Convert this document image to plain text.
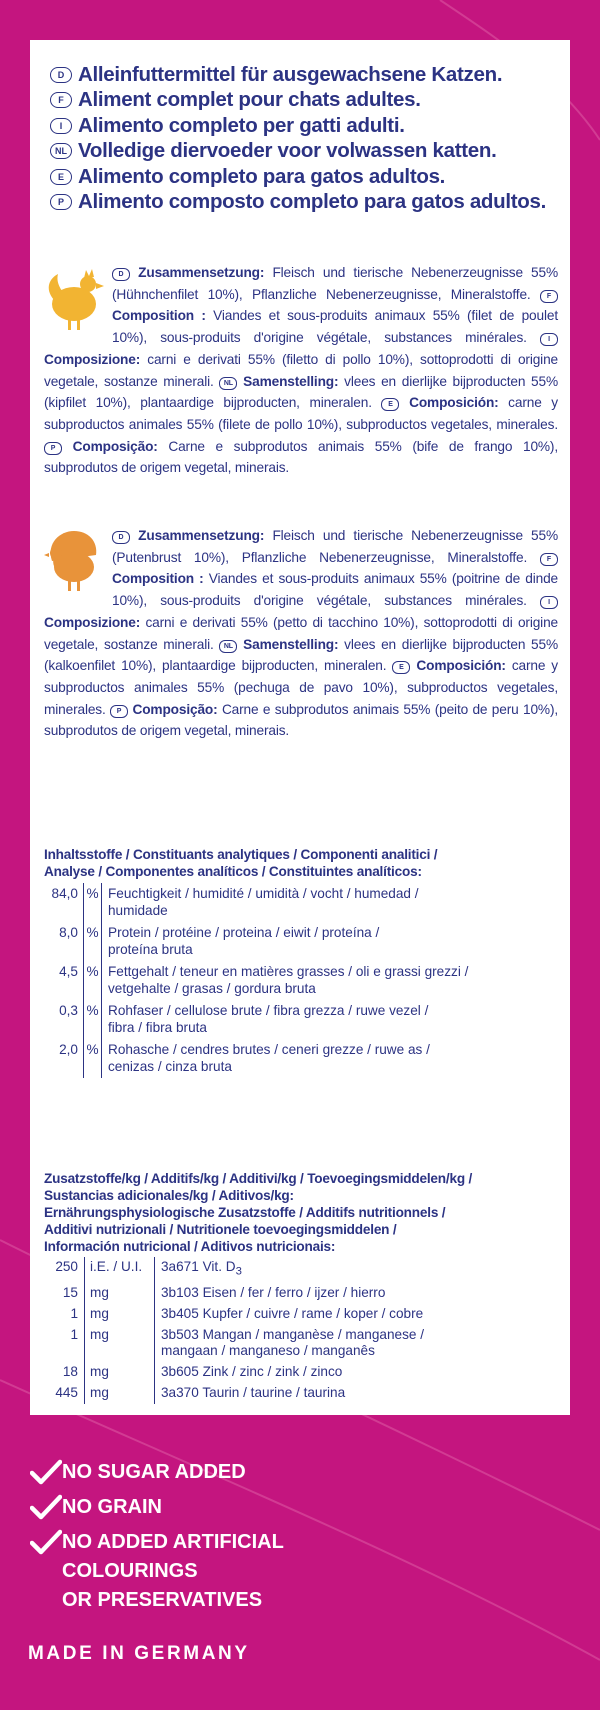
D Alleinfuttermittel für ausgewachsene Katzen.
F Aliment complet pour chats adultes.
I Alimento completo per gatti adulti.
NL Volledige diervoeder voor volwassen katten.
E Alimento completo para gatos adultos.
P Alimento composto completo para gatos adultos.
D Zusammensetzung: Fleisch und tierische Nebenerzeugnisse 55% (Hühnchenfilet 10%), Pflanzliche Nebenerzeugnisse, Mineralstoffe. F Composition : Viandes et sous-produits animaux 55% (filet de poulet 10%), sous-produits d'origine végétale, substances minérales. I Composizione: carni e derivati 55% (filetto di pollo 10%), sottoprodotti di origine vegetale, sostanze minerali. NL Samenstelling: vlees en dierlijke bijproducten 55% (kipfilet 10%), plantaardige bijproducten, mineralen. E Composición: carne y subproductos animales 55% (filete de pollo 10%), subproductos vegetales, minerales. P Composição: Carne e subprodutos animais 55% (bife de frango 10%), subprodutos de origem vegetal, minerais.
D Zusammensetzung: Fleisch und tierische Nebenerzeugnisse 55% (Putenbrust 10%), Pflanzliche Nebenerzeugnisse, Mineralstoffe. F Composition : Viandes et sous-produits animaux 55% (poitrine de dinde 10%), sous-produits d'origine végétale, substances minérales. I Composizione: carni e derivati 55% (petto di tacchino 10%), sottoprodotti di origine vegetale, sostanze minerali. NL Samenstelling: vlees en dierlijke bijproducten 55% (kalkoenfilet 10%), plantaardige bijproducten, mineralen. E Composición: carne y subproductos animales 55% (pechuga de pavo 10%), subproductos vegetales, minerales. P Composição: Carne e subprodutos animais 55% (peito de peru 10%), subprodutos de origem vegetal, minerais.
Inhaltsstoffe / Constituants analytiques / Componenti analitici /
Analyse / Componentes analíticos / Constituintes analíticos:
84,0	%	Feuchtigkeit / humidité / umidità / vocht / humedad /
humidade

8,0	%	Protein / protéine / proteina / eiwit / proteína /
proteína bruta

4,5	%	Fettgehalt / teneur en matières grasses / oli e grassi grezzi /
vetgehalte / grasas / gordura bruta

0,3	%	Rohfaser / cellulose brute / fibra grezza / ruwe vezel /
fibra / fibra bruta

2,0	%	Rohasche / cendres brutes / ceneri grezze / ruwe as /
cenizas / cinza bruta
Zusatzstoffe/kg / Additifs/kg / Additivi/kg / Toevoegingsmiddelen/kg /
Sustancias adicionales/kg / Aditivos/kg:
Ernährungsphysiologische Zusatzstoffe / Additifs nutritionnels /
Additivi nutrizionali / Nutritionele toevoegingsmiddelen /
Información nutricional / Aditivos nutricionais:
250	i.E. / U.I.	3a671 Vit. $D_3$
15	mg	3b103 Eisen / fer / ferro / ijzer / hierro
1	mg	3b405 Kupfer / cuivre / rame / koper / cobre
1	mg	3b503 Mangan / manganèse / manganese /
mangaan / manganeso / manganês

18	mg	3b605 Zink / zinc / zink / zinco
445	mg	3a370 Taurin / taurine / taurina
NO SUGAR ADDED
NO GRAIN
NO ADDED ARTIFICIAL
COLOURINGS
OR PRESERVATIVES
MADE IN GERMANY
